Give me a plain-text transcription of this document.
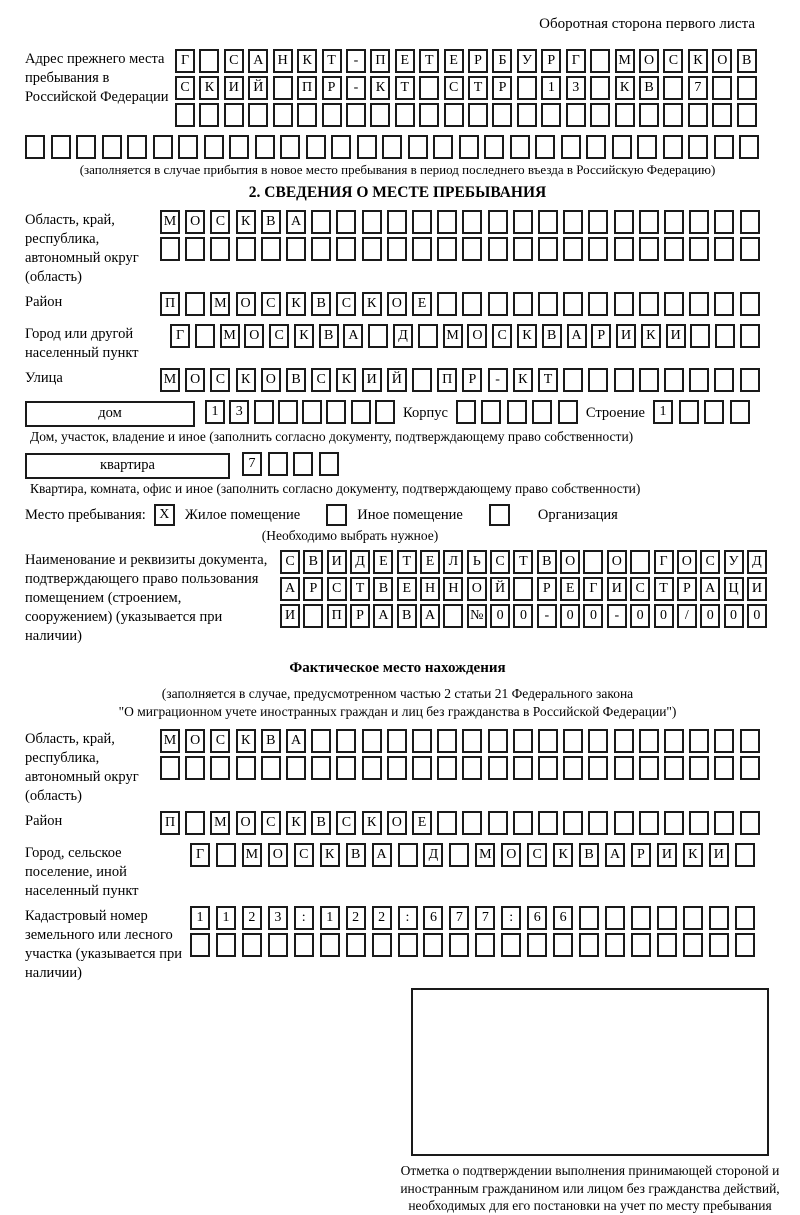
Оборотная сторона первого листа
Адрес прежнего места пребывания в Российской Федерации
Г	С	А	Н	К	Т	-	П	Е	Т	Е	Р	Б	У	Р	Г	М О	С	К	О	В
С	К	И	Й	П	Р	-	К	Т	С	Т	Р	1	3	К	В	7
(заполняется в случае прибытия в новое место пребывания в период последнего въезда в Российскую Федерацию)
2. СВЕДЕНИЯ О МЕСТЕ ПРЕБЫВАНИЯ
Область, край, республика, автономный округ (область)
М О	С	К	В	А
Район	П	М О	С	К	В	С	К	О	Е
Город или другой населенный пункт
Г	М О	С	К	В	А	Д	М О	С	К	В	А	Р	И	К	И
Улица	М О	С	К	О	В	С	К	И	Й	П	Р	-	К	Т
дом	1	3	Корпус	Строение	1
Дом, участок, владение и иное (заполнить согласно документу, подтверждающему право собственности)
квартира	7
Квартира, комната, офис и иное (заполнить согласно документу, подтверждающему право собственности)
Место пребывания: X	Жилое помещение	Иное помещение	Организация
(Необходимо выбрать нужное)
Наименование и реквизиты документа, подтверждающего право пользования помещением (строением, сооружением) (указывается при наличии)
С	В И Д	Е	Т	Е	Л	Ь	С	Т	В О	О	Г	О С У Д
А	Р	С	Т	В	Е	Н Н О Й	Р	Е	Г	И С	Т	Р	А Ц И
И	П	Р	А В А	№ 0	0	-	0	0	-	0	0	/	0	0	0
Фактическое место нахождения
(заполняется в случае, предусмотренном частью 2 статьи 21 Федерального закона
"О миграционном учете иностранных граждан и лиц без гражданства в Российской Федерации")
Область, край, республика, автономный округ (область)
М О	С	К	В	А
Район	П	М О	С	К	В	С	К	О	Е
Город, сельское поселение, иной населенный пункт
Г	М	О	С	К	В	А	Д	М	О	С	К	В	А	Р	И	К	И
Кадастровый номер земельного или лесного участка (указывается при наличии)
1	1	2	3	:	1	2	2	:	6	7	7	:	6	6
Отметка о подтверждении выполнения принимающей стороной и иностранным гражданином или лицом без гражданства действий, необходимых для его постановки на учет по месту пребывания
